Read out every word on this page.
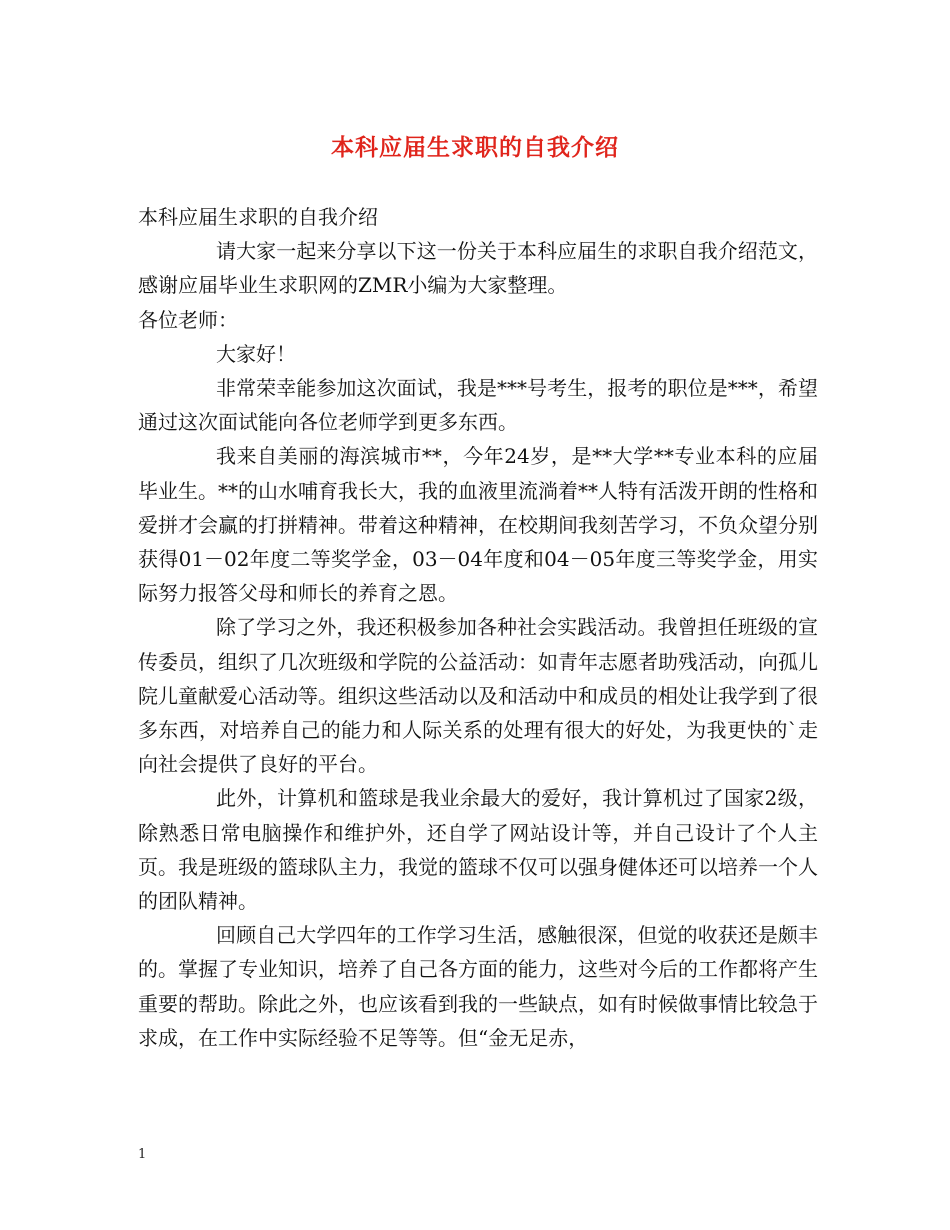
本科应届生求职的自我介绍

本科应届生求职的自我介绍

请大家一起来分享以下这一份关于本科应届生的求职自我介绍范文，感谢应届毕业生求职网的ZMR小编为大家整理。

各位老师：

大家好！

非常荣幸能参加这次面试，我是***号考生，报考的职位是***，希望通过这次面试能向各位老师学到更多东西。

我来自美丽的海滨城市**，今年24岁，是**大学**专业本科的应届毕业生。**的山水哺育我长大，我的血液里流淌着**人特有活泼开朗的性格和爱拼才会赢的打拼精神。带着这种精神，在校期间我刻苦学习，不负众望分别获得01－02年度二等奖学金，03－04年度和04－05年度三等奖学金，用实际努力报答父母和师长的养育之恩。

除了学习之外，我还积极参加各种社会实践活动。我曾担任班级的宣传委员，组织了几次班级和学院的公益活动：如青年志愿者助残活动，向孤儿院儿童献爱心活动等。组织这些活动以及和活动中和成员的相处让我学到了很多东西，对培养自己的能力和人际关系的处理有很大的好处，为我更快的`走向社会提供了良好的平台。

此外，计算机和篮球是我业余最大的爱好，我计算机过了国家2级，除熟悉日常电脑操作和维护外，还自学了网站设计等，并自己设计了个人主页。我是班级的篮球队主力，我觉的篮球不仅可以强身健体还可以培养一个人的团队精神。

回顾自己大学四年的工作学习生活，感触很深，但觉的收获还是颇丰的。掌握了专业知识，培养了自己各方面的能力，这些对今后的工作都将产生重要的帮助。除此之外，也应该看到我的一些缺点，如有时候做事情比较急于求成，在工作中实际经验不足等等。但“金无足赤，

1
